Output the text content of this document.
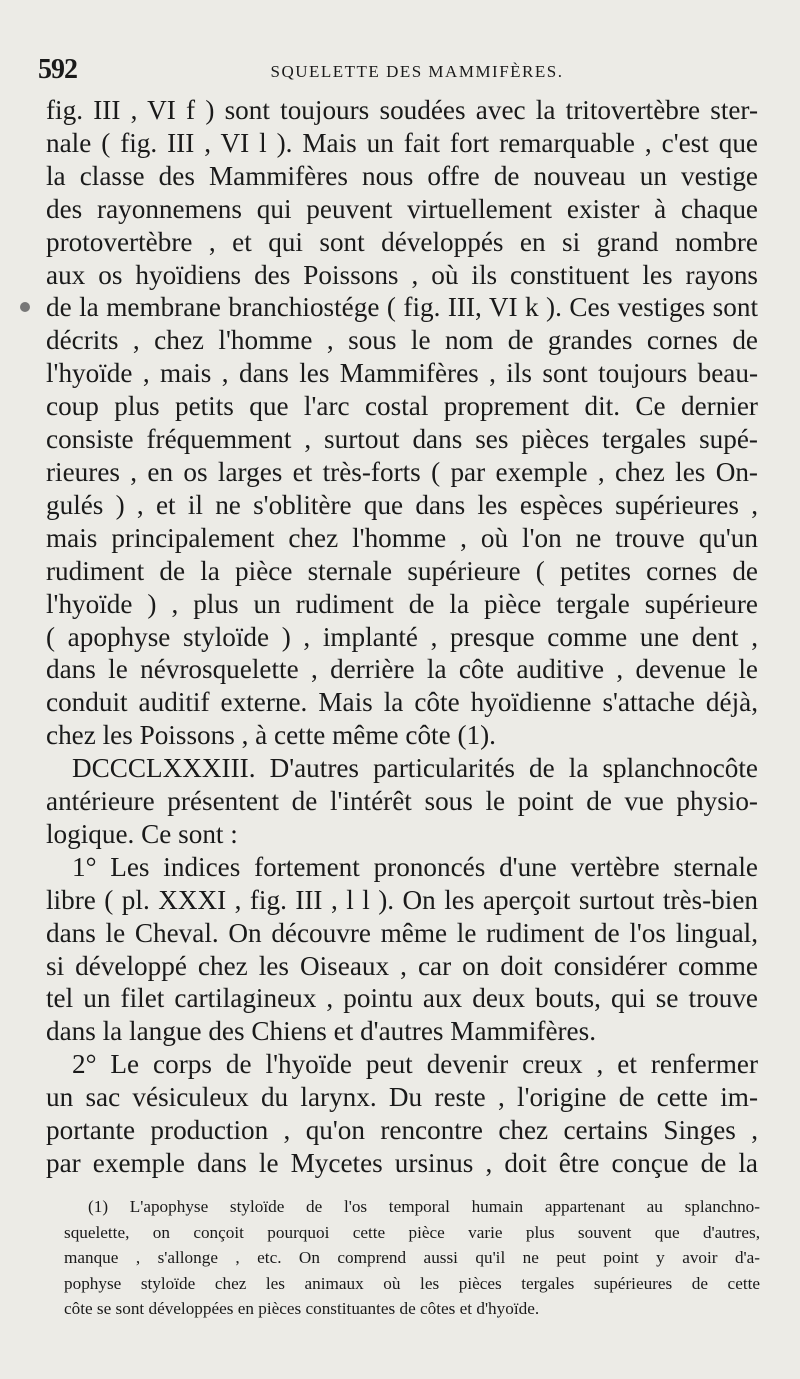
592	SQUELETTE DES MAMMIFÈRES.
fig. III , VI f ) sont toujours soudées avec la tritovertèbre ster-
nale ( fig. III , VI l ). Mais un fait fort remarquable , c'est que
la classe des Mammifères nous offre de nouveau un vestige
des rayonnemens qui peuvent virtuellement exister à chaque
protovertèbre , et qui sont développés en si grand nombre
aux os hyoïdiens des Poissons , où ils constituent les rayons
de la membrane branchiostége ( fig. III, VI k ). Ces vestiges sont
décrits , chez l'homme , sous le nom de grandes cornes de
l'hyoïde , mais , dans les Mammifères , ils sont toujours beau-
coup plus petits que l'arc costal proprement dit. Ce dernier
consiste fréquemment , surtout dans ses pièces tergales supé-
rieures , en os larges et très-forts ( par exemple , chez les On-
gulés ) , et il ne s'oblitère que dans les espèces supérieures ,
mais principalement chez l'homme , où l'on ne trouve qu'un
rudiment de la pièce sternale supérieure ( petites cornes de
l'hyoïde ) , plus un rudiment de la pièce tergale supérieure
( apophyse styloïde ) , implanté , presque comme une dent ,
dans le névrosquelette , derrière la côte auditive , devenue le
conduit auditif externe. Mais la côte hyoïdienne s'attache déjà,
chez les Poissons , à cette même côte (1).
DCCCLXXXIII. D'autres particularités de la splanchnocôte
antérieure présentent de l'intérêt sous le point de vue physio-
logique. Ce sont :
1° Les indices fortement prononcés d'une vertèbre sternale
libre ( pl. XXXI , fig. III , l l ). On les aperçoit surtout très-bien
dans le Cheval. On découvre même le rudiment de l'os lingual,
si développé chez les Oiseaux , car on doit considérer comme
tel un filet cartilagineux , pointu aux deux bouts, qui se trouve
dans la langue des Chiens et d'autres Mammifères.
2° Le corps de l'hyoïde peut devenir creux , et renfermer
un sac vésiculeux du larynx. Du reste , l'origine de cette im-
portante production , qu'on rencontre chez certains Singes ,
par exemple dans le Mycetes ursinus , doit être conçue de la
(1) L'apophyse styloïde de l'os temporal humain appartenant au splanchno-
squelette, on conçoit pourquoi cette pièce varie plus souvent que d'autres,
manque , s'allonge , etc. On comprend aussi qu'il ne peut point y avoir d'a-
pophyse styloïde chez les animaux où les pièces tergales supérieures de cette
côte se sont développées en pièces constituantes de côtes et d'hyoïde.
